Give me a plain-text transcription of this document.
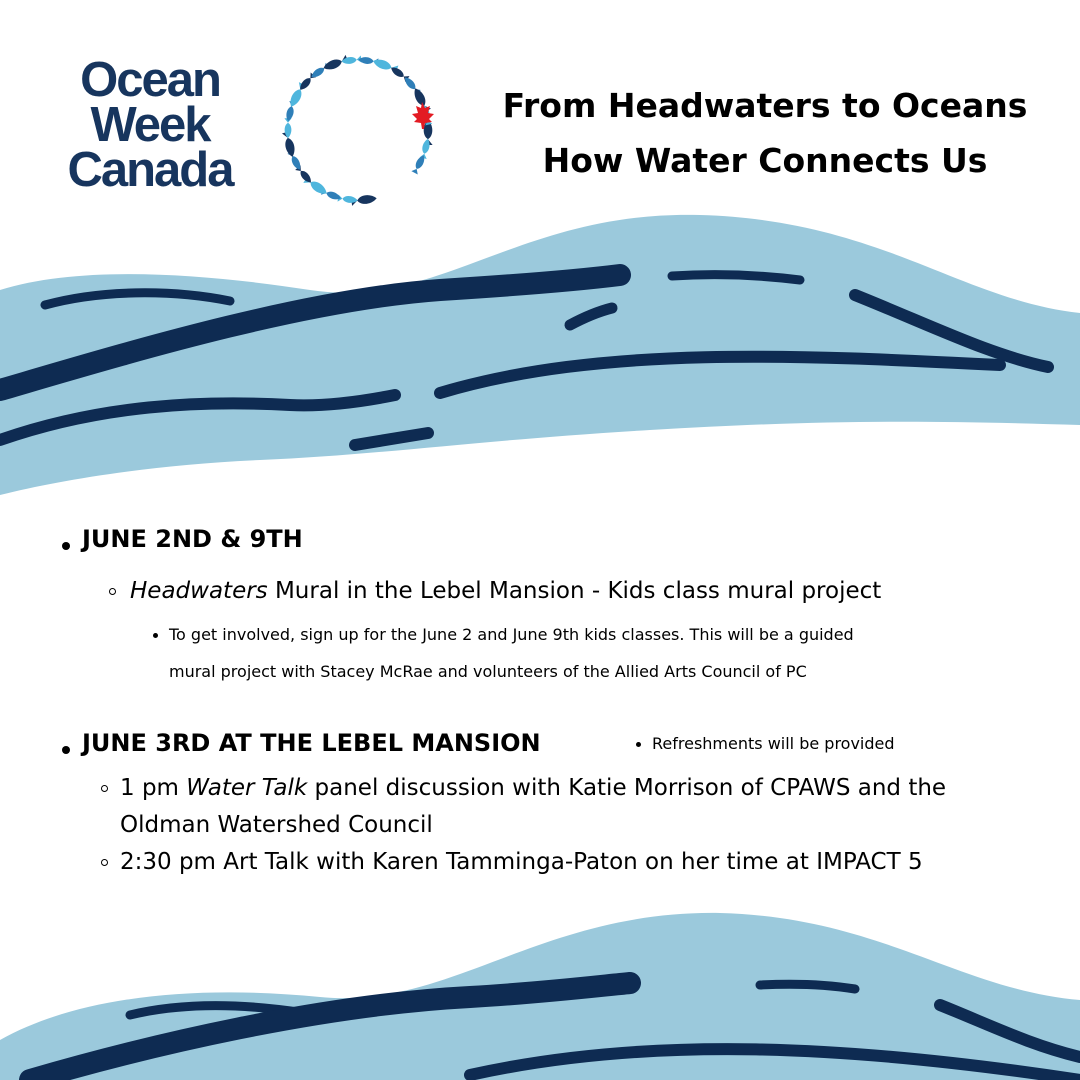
Ocean
Week
Canada
From Headwaters to Oceans
How Water Connects Us
JUNE 2ND & 9TH
Headwaters Mural in the Lebel Mansion - Kids class mural project
To get involved, sign up for the June 2 and June 9th kids classes. This will be a guided
mural project with Stacey McRae and volunteers of the Allied Arts Council of PC
JUNE 3RD AT THE LEBEL MANSION	Refreshments will be provided
1 pm Water Talk panel discussion with Katie Morrison of CPAWS and the
Oldman Watershed Council
2:30 pm Art Talk with Karen Tamminga-Paton on her time at IMPACT 5
